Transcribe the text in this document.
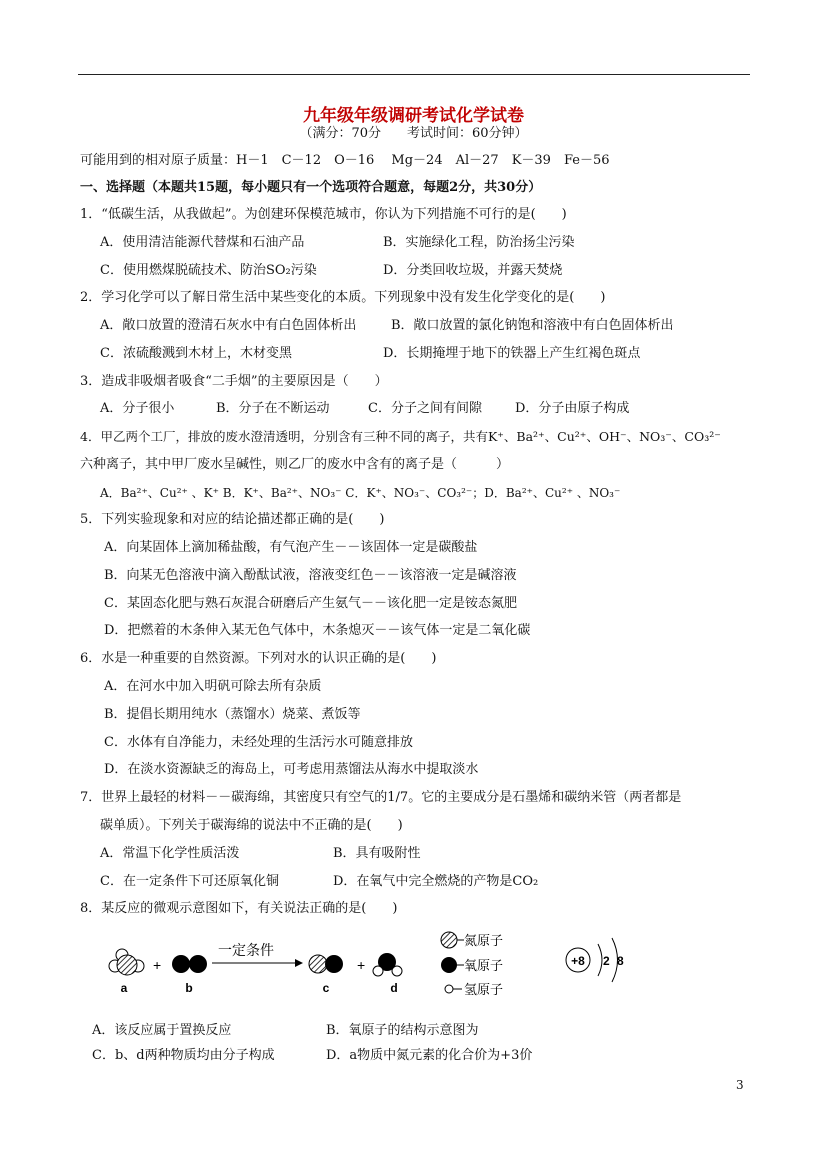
九年级年级调研考试化学试卷
（满分：70分　　考试时间：60分钟）
可能用到的相对原子质量：H－1　C－12　O－16　 Mg－24　Al－27　K－39　Fe－56
一、选择题（本题共15题，每小题只有一个选项符合题意，每题2分，共30分）
1．“低碳生活，从我做起”。为创建环保模范城市，你认为下列措施不可行的是(　　)
A．使用清洁能源代替煤和石油产品	B．实施绿化工程，防治扬尘污染
C．使用燃煤脱硫技术、防治SO₂污染	D．分类回收垃圾，并露天焚烧
2．学习化学可以了解日常生活中某些变化的本质。下列现象中没有发生化学变化的是(　　)
A．敞口放置的澄清石灰水中有白色固体析出	B．敞口放置的氯化钠饱和溶液中有白色固体析出
C．浓硫酸溅到木材上，木材变黑	D．长期掩埋于地下的铁器上产生红褐色斑点
3．造成非吸烟者吸食“二手烟”的主要原因是（　　）
A．分子很小	B．分子在不断运动	C．分子之间有间隙	D．分子由原子构成
4．甲乙两个工厂，排放的废水澄清透明，分别含有三种不同的离子，共有K⁺、Ba²⁺、Cu²⁺、OH⁻、NO₃⁻、CO₃²⁻
六种离子，其中甲厂废水呈碱性，则乙厂的废水中含有的离子是（　　　）
A．Ba²⁺、Cu²⁺ 、K⁺ B．K⁺、Ba²⁺、NO₃⁻ C．K⁺、NO₃⁻、CO₃²⁻；D．Ba²⁺、Cu²⁺ 、NO₃⁻
5．下列实验现象和对应的结论描述都正确的是(　　)
A．向某固体上滴加稀盐酸，有气泡产生－－该固体一定是碳酸盐
B．向某无色溶液中滴入酚酞试液，溶液变红色－－该溶液一定是碱溶液
C．某固态化肥与熟石灰混合研磨后产生氨气－－该化肥一定是铵态氮肥
D．把燃着的木条伸入某无色气体中，木条熄灭－－该气体一定是二氧化碳
6．水是一种重要的自然资源。下列对水的认识正确的是(　　)
A．在河水中加入明矾可除去所有杂质
B．提倡长期用纯水（蒸馏水）烧菜、煮饭等
C．水体有自净能力，未经处理的生活污水可随意排放
D．在淡水资源缺乏的海岛上，可考虑用蒸馏法从海水中提取淡水
7．世界上最轻的材料－－碳海绵，其密度只有空气的1/7。它的主要成分是石墨烯和碳纳米管（两者都是
碳单质）。下列关于碳海绵的说法中不正确的是(　　)
A．常温下化学性质活泼	B．具有吸附性
C．在一定条件下可还原氧化铜	D．在氧气中完全燃烧的产物是CO₂
8．某反应的微观示意图如下，有关说法正确的是(　　)
a
+
b
一定条件
c
+
d
氮原子
氧原子
氢原子
+8 2 8
A．该反应属于置换反应	B．氧原子的结构示意图为
C．b、d两种物质均由分子构成	D．a物质中氮元素的化合价为+3价
3
